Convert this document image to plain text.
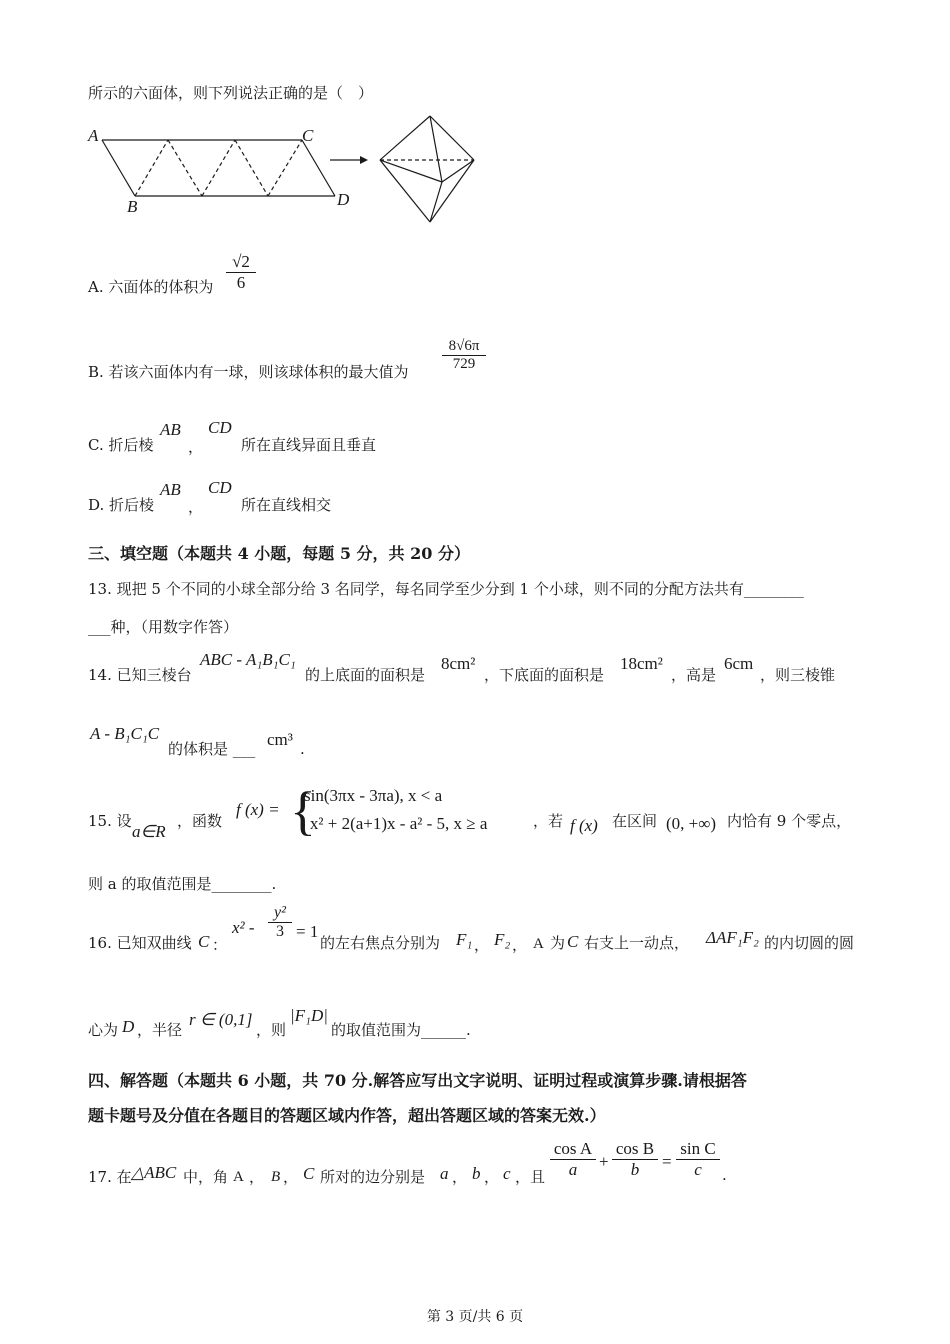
所示的六面体，则下列说法正确的是（　）
A
B
C
D
A. 六面体的体积为 $\frac{√2}{6}$
B. 若该六面体内有一球，则该球体积的最大值为 $\frac{8√6\pi}{729}$
C. 折后棱
AB
，
CD
所在直线异面且垂直
D. 折后棱
AB
，
CD
所在直线相交
三、填空题（本题共 4 小题，每题 5 分，共 20 分）
13. 现把 5 个不同的小球全部分给 3 名同学，每名同学至少分到 1 个小球，则不同的分配方法共有________
___种，（用数字作答）
14. 已知三棱台
ABC - A₁B₁C₁
的上底面的面积是
8cm²
，下底面的面积是
18cm²
，高是
6cm
，则三棱锥
A - B₁C₁C
的体积是 ___ cm³ .
15. 设
a∈R
，函数
f (x) = {
sin(3πx - 3πa), x < a
- x² + 2(a+1)x - a² - 5, x ≥ a	，若 f (x) 在区间 (0, +∞) 内恰有 9 个零点，
则 a 的取值范围是________.
16. 已知双曲线 C ：
$x^2 - \frac{\text{y²}}{3} = 1$
的左右焦点分别为 F₁ ， F₂ ， A 为 C 右支上一动点， ΔAF₁F₂ 的内切圆的圆
心为 D ，半径
r ∈ (0,1]
，则
|F₁D|
的取值范围为______.
四、解答题（本题共 6 小题，共 70 分.解答应写出文字说明、证明过程或演算步骤.请根据答
题卡题号及分值在各题目的答题区域内作答，超出答题区域的答案无效.）
17. 在 △ABC 中，角 A ， B ， C 所对的边分别是 a ， b ， c ，且 $\frac{\text{cos A}}{a} + \frac{\text{cos B}}{b} = \frac{\text{sin C}}{c}$ .
第 3 页/共 6 页
